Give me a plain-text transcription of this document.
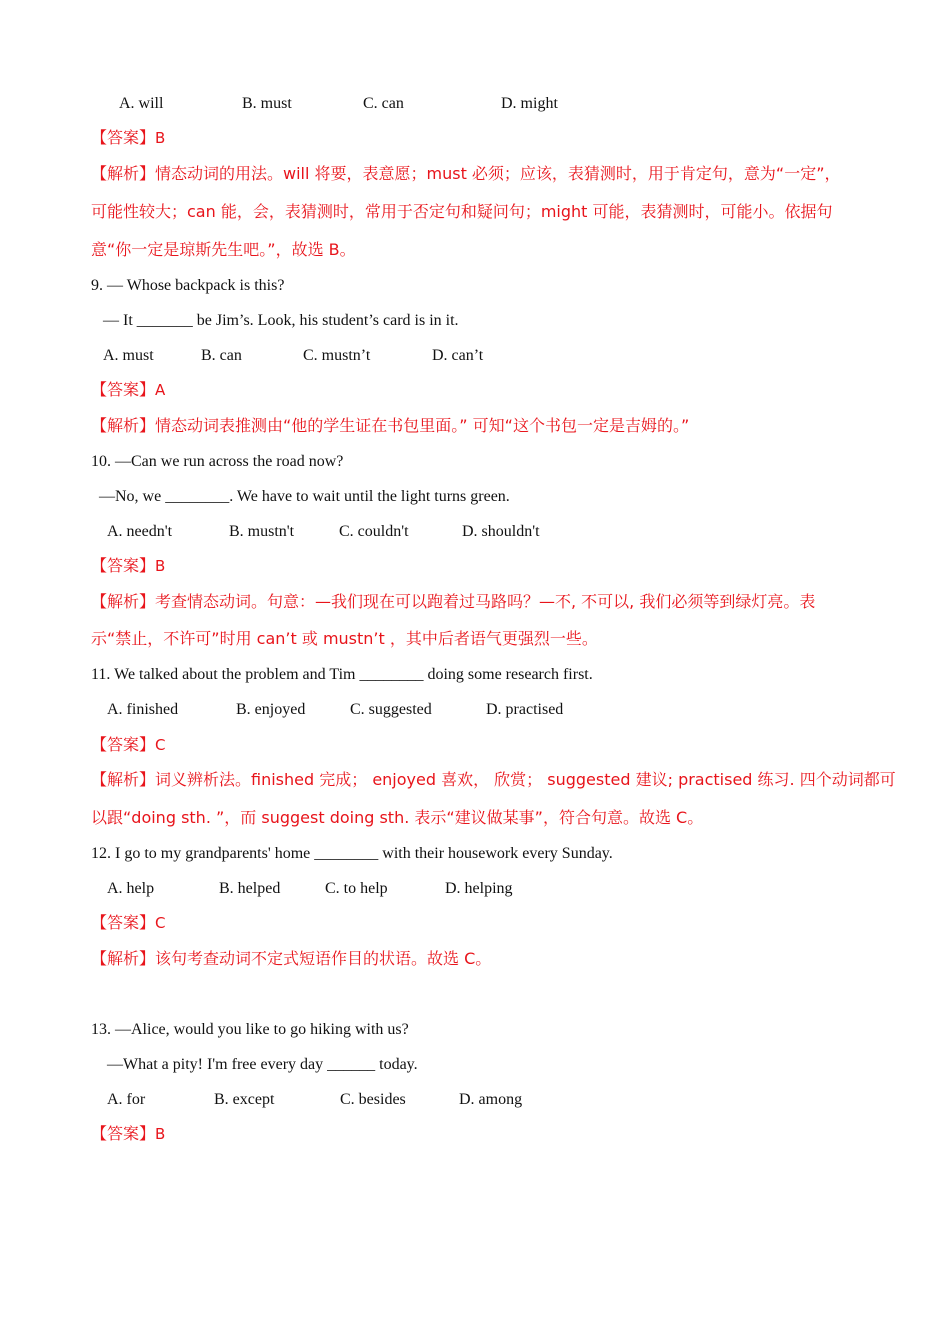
A. will	B. must	C. can	D. might
【答案】B
【解析】情态动词的用法。will 将要，表意愿；must 必须；应该，表猜测时，用于肯定句，意为“一定”，
可能性较大；can 能，会，表猜测时，常用于否定句和疑问句；might 可能，表猜测时，可能小。依据句
意“你一定是琼斯先生吧。”，故选 B。
9. — Whose backpack is this?
— It _______ be Jim’s. Look, his student’s card is in it.
A. must	B. can	C. mustn’t	D. can’t
【答案】A
【解析】情态动词表推测由“他的学生证在书包里面。” 可知“这个书包一定是吉姆的。”
10. —Can we run across the road now?
—No, we ________. We have to wait until the light turns green.
A. needn't	B. mustn't	C. couldn't	D. shouldn't
【答案】B
【解析】考查情态动词。句意：—我们现在可以跑着过马路吗？—不, 不可以, 我们必须等到绿灯亮。表
示“禁止，不许可”时用 can’t 或 mustn’t ，其中后者语气更强烈一些。
11. We talked about the problem and Tim ________ doing some research first.
A. finished	B. enjoyed	C. suggested	D. practised
【答案】C
【解析】词义辨析法。finished 完成； enjoyed 喜欢， 欣赏； suggested 建议; practised 练习. 四个动词都可
以跟“doing sth. ”，而 suggest doing sth. 表示“建议做某事”，符合句意。故选 C。
12. I go to my grandparents' home ________ with their housework every Sunday.
A. help	B. helped	C. to help	D. helping
【答案】C
【解析】该句考查动词不定式短语作目的状语。故选 C。
13. —Alice, would you like to go hiking with us?
—What a pity! I'm free every day ______ today.
A. for	B. except	C. besides	D. among
【答案】B
